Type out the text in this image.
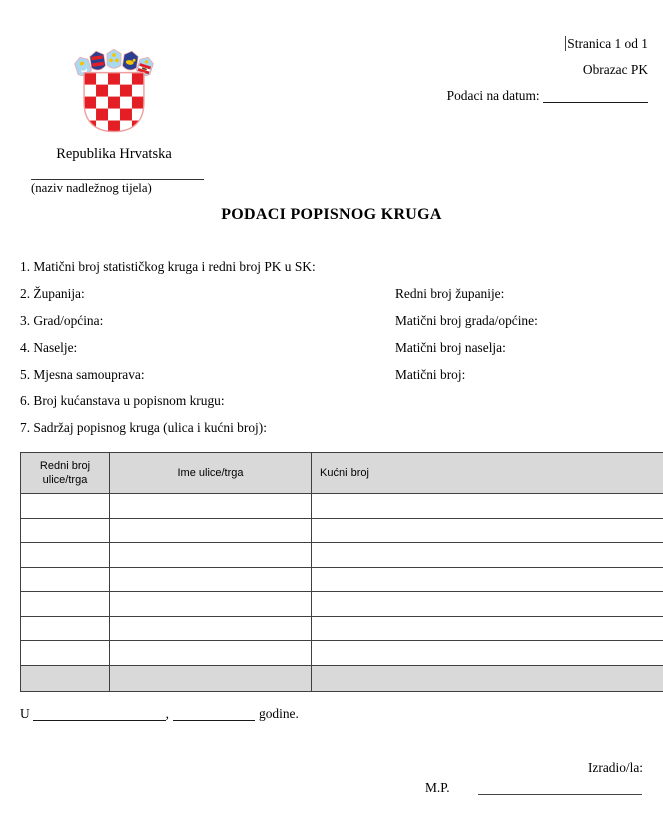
Stranica 1 od 1
Obrazac PK
Podaci na datum:
Republika Hrvatska
(naziv nadležnog tijela)
PODACI POPISNOG KRUGA
1. Matični broj statističkog kruga i redni broj PK u SK:
2. Županija:	Redni broj županije:
3. Grad/općina:	Matični broj grada/općine:
4. Naselje:	Matični broj naselja:
5. Mjesna samouprava:	Matični broj:
6. Broj kućanstava u popisnom krugu:
7. Sadržaj popisnog kruga (ulica i kućni broj):
Redni broj ulice/trga	Ime ulice/trga	Kućni broj

U	,	godine.
Izradio/la:
M.P.
